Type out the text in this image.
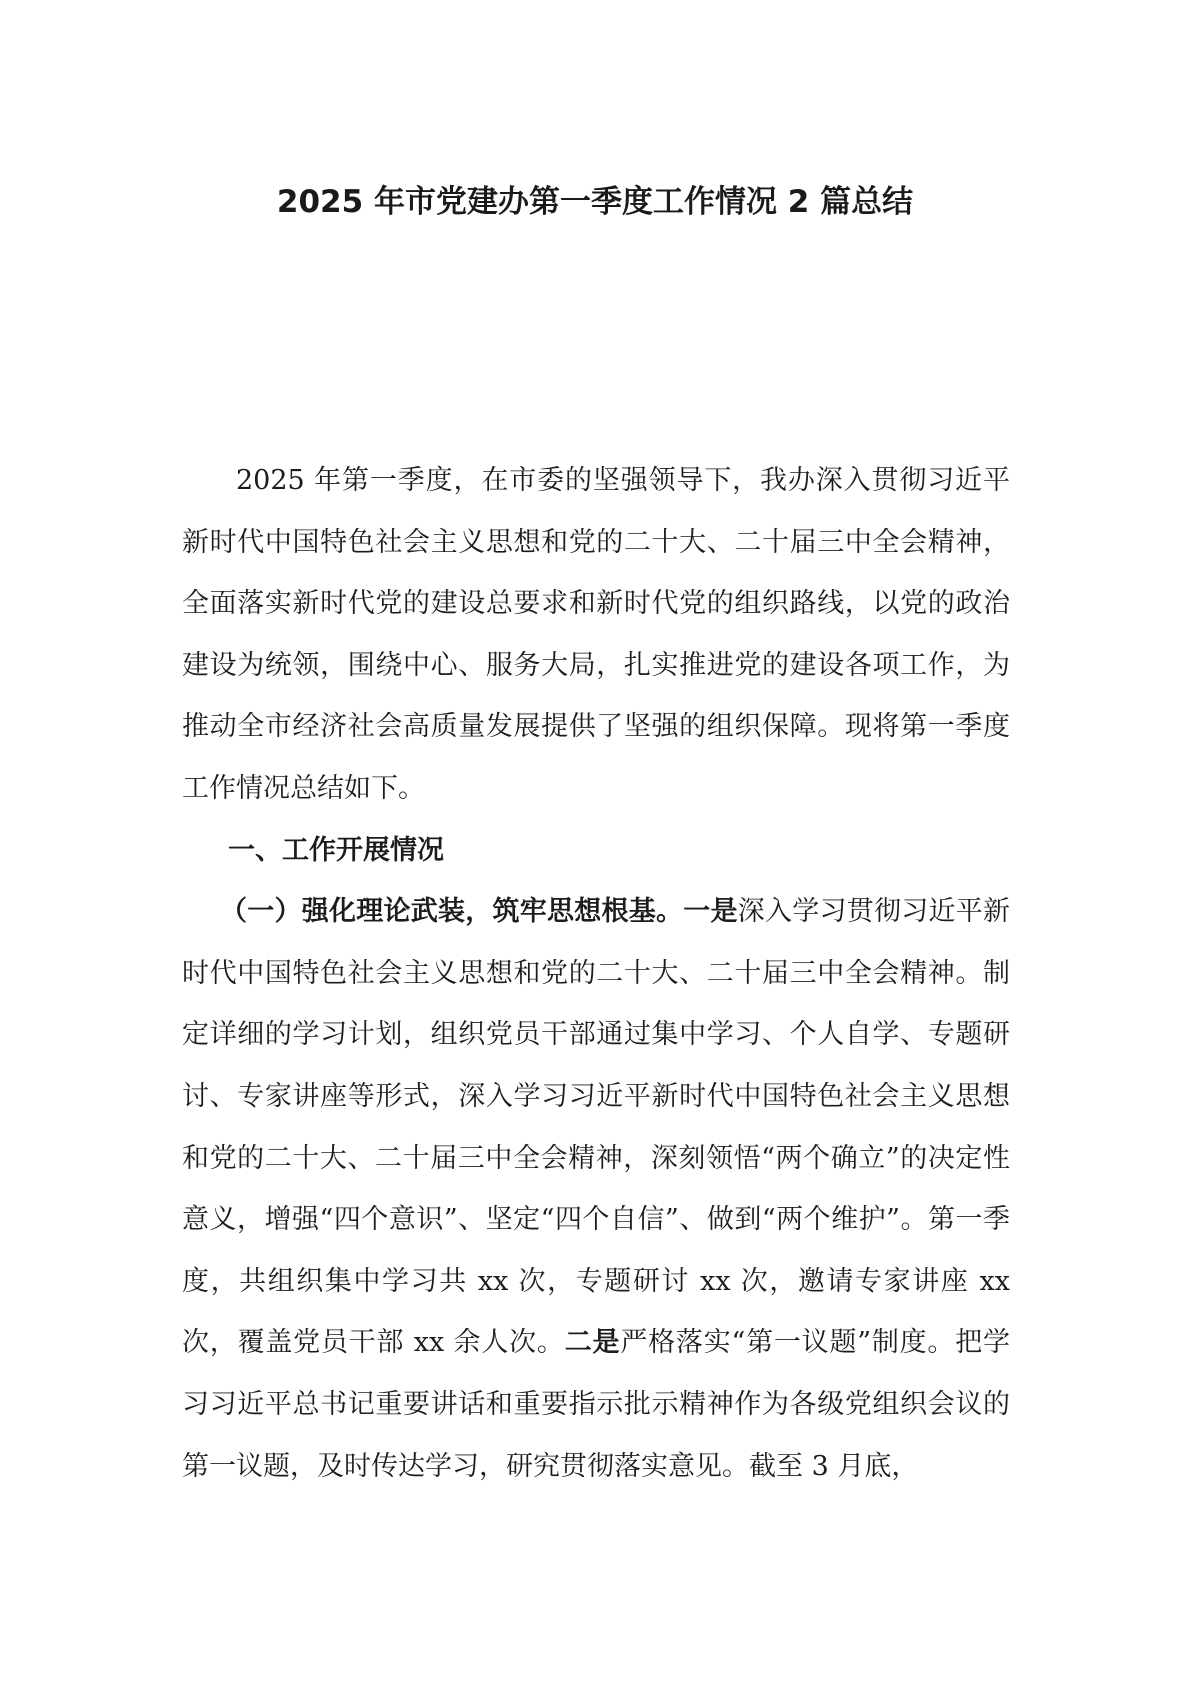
2025 年市党建办第一季度工作情况 2 篇总结

2025 年第一季度，在市委的坚强领导下，我办深入贯彻习近平新时代中国特色社会主义思想和党的二十大、二十届三中全会精神，全面落实新时代党的建设总要求和新时代党的组织路线，以党的政治建设为统领，围绕中心、服务大局，扎实推进党的建设各项工作，为推动全市经济社会高质量发展提供了坚强的组织保障。现将第一季度工作情况总结如下。

一、工作开展情况

（一）强化理论武装，筑牢思想根基。一是深入学习贯彻习近平新时代中国特色社会主义思想和党的二十大、二十届三中全会精神。制定详细的学习计划，组织党员干部通过集中学习、个人自学、专题研讨、专家讲座等形式，深入学习习近平新时代中国特色社会主义思想和党的二十大、二十届三中全会精神，深刻领悟“两个确立”的决定性意义，增强“四个意识”、坚定“四个自信”、做到“两个维护”。第一季度，共组织集中学习共 xx 次，专题研讨 xx 次，邀请专家讲座 xx 次，覆盖党员干部 xx 余人次。二是严格落实“第一议题”制度。把学习习近平总书记重要讲话和重要指示批示精神作为各级党组织会议的第一议题，及时传达学习，研究贯彻落实意见。截至 3 月底，
